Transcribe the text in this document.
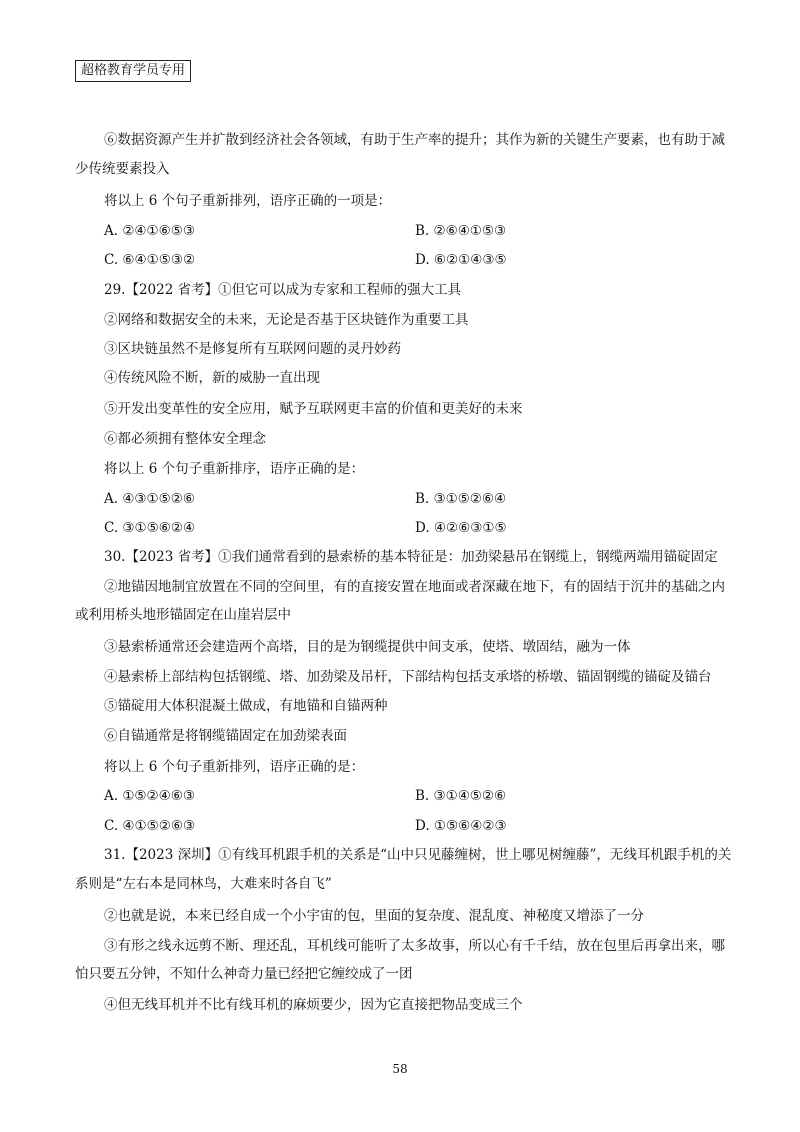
超格教育学员专用
⑥数据资源产生并扩散到经济社会各领域，有助于生产率的提升；其作为新的关键生产要素，也有助于减
少传统要素投入
将以上 6 个句子重新排列，语序正确的一项是：
A. ②④①⑥⑤③	B. ②⑥④①⑤③
C. ⑥④①⑤③②	D. ⑥②①④③⑤
29.【2022 省考】①但它可以成为专家和工程师的强大工具
②网络和数据安全的未来，无论是否基于区块链作为重要工具
③区块链虽然不是修复所有互联网问题的灵丹妙药
④传统风险不断，新的威胁一直出现
⑤开发出变革性的安全应用，赋予互联网更丰富的价值和更美好的未来
⑥都必须拥有整体安全理念
将以上 6 个句子重新排序，语序正确的是：
A. ④③①⑤②⑥	B. ③①⑤②⑥④
C. ③①⑤⑥②④	D. ④②⑥③①⑤
30.【2023 省考】①我们通常看到的悬索桥的基本特征是：加劲梁悬吊在钢缆上，钢缆两端用锚碇固定
②地锚因地制宜放置在不同的空间里，有的直接安置在地面或者深藏在地下，有的固结于沉井的基础之内
或利用桥头地形锚固定在山崖岩层中
③悬索桥通常还会建造两个高塔，目的是为钢缆提供中间支承，使塔、墩固结，融为一体
④悬索桥上部结构包括钢缆、塔、加劲梁及吊杆，下部结构包括支承塔的桥墩、锚固钢缆的锚碇及锚台
⑤锚碇用大体积混凝土做成，有地锚和自锚两种
⑥自锚通常是将钢缆锚固定在加劲梁表面
将以上 6 个句子重新排列，语序正确的是：
A. ①⑤②④⑥③	B. ③①④⑤②⑥
C. ④①⑤②⑥③	D. ①⑤⑥④②③
31.【2023 深圳】①有线耳机跟手机的关系是“山中只见藤缠树，世上哪见树缠藤”，无线耳机跟手机的关
系则是“左右本是同林鸟，大难来时各自飞”
②也就是说，本来已经自成一个小宇宙的包，里面的复杂度、混乱度、神秘度又增添了一分
③有形之线永远剪不断、理还乱，耳机线可能听了太多故事，所以心有千千结，放在包里后再拿出来，哪
怕只要五分钟，不知什么神奇力量已经把它缠绞成了一团
④但无线耳机并不比有线耳机的麻烦要少，因为它直接把物品变成三个
58
